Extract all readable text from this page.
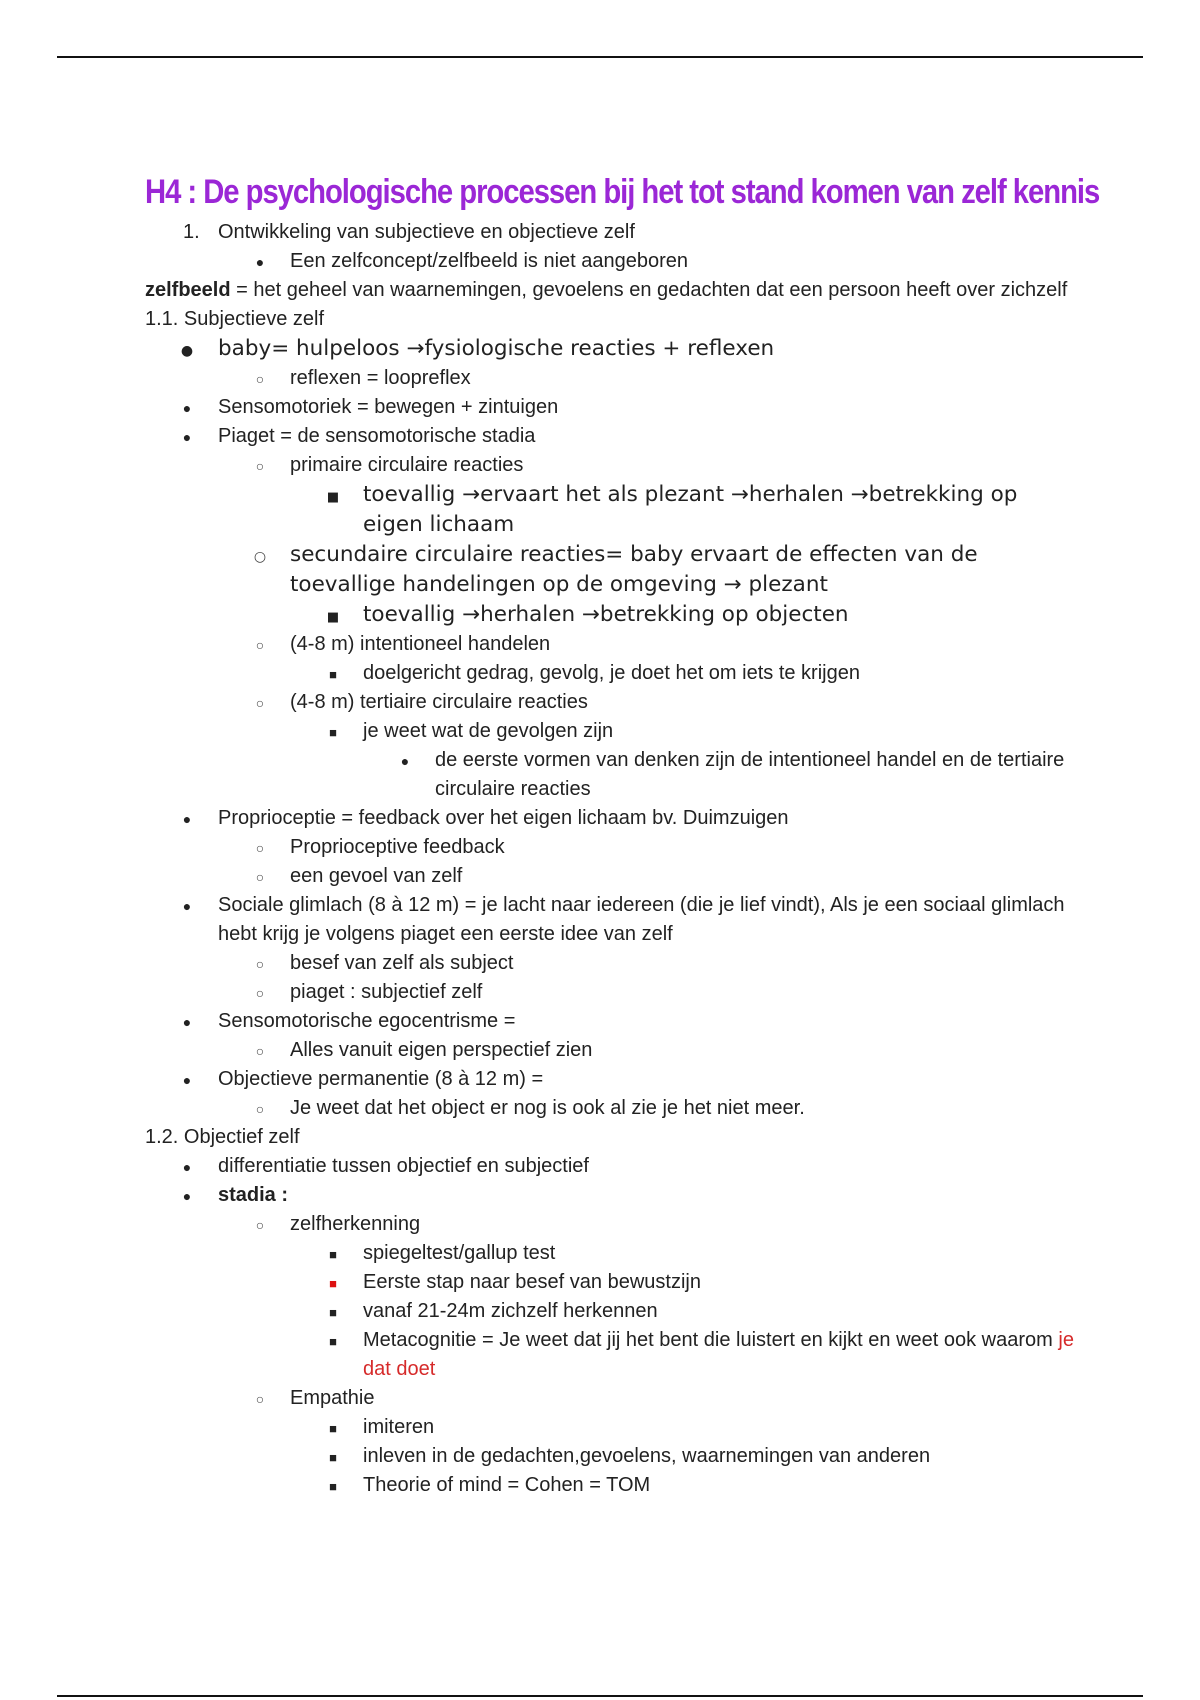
H4 : De psychologische processen bij het tot stand komen van zelf kennis
1. Ontwikkeling van subjectieve en objectieve zelf
●
Een zelfconcept/zelfbeeld is niet aangeboren
zelfbeeld = het geheel van waarnemingen, gevoelens en gedachten dat een persoon heeft over zichzelf
1.1. Subjectieve zelf
●
baby= hulpeloos →fysiologische reacties + reflexen
○
reflexen = loopreflex
●
Sensomotoriek = bewegen + zintuigen
●
Piaget = de sensomotorische stadia
○
primaire circulaire reacties
■
toevallig →ervaart het als plezant →herhalen →betrekking op eigen lichaam
○
secundaire circulaire reacties= baby ervaart de effecten van de toevallige handelingen op de omgeving → plezant
■
toevallig →herhalen →betrekking op objecten
○
(4-8 m) intentioneel handelen
■
doelgericht gedrag, gevolg, je doet het om iets te krijgen
○
(4-8 m) tertiaire circulaire reacties
■
je weet wat de gevolgen zijn
●
de eerste vormen van denken zijn de intentioneel handel en de tertiaire circulaire reacties
●
Proprioceptie = feedback over het eigen lichaam bv. Duimzuigen
○
Proprioceptive feedback
○
een gevoel van zelf
●
Sociale glimlach (8 à 12 m) = je lacht naar iedereen (die je lief vindt), Als je een sociaal glimlach hebt krijg je volgens piaget een eerste idee van zelf
○
besef van zelf als subject
○
piaget : subjectief zelf
●
Sensomotorische egocentrisme =
○
Alles vanuit eigen perspectief zien
●
Objectieve permanentie (8 à 12 m) =
○
Je weet dat het object er nog is ook al zie je het niet meer.
1.2. Objectief zelf
●
differentiatie tussen objectief en subjectief
●
stadia :
○
zelfherkenning
■
spiegeltest/gallup test
■
Eerste stap naar besef van bewustzijn
■
vanaf 21-24m zichzelf herkennen
■
Metacognitie = Je weet dat jij het bent die luistert en kijkt en weet ook waarom je dat doet
○
Empathie
■
imiteren
■
inleven in de gedachten,gevoelens, waarnemingen van anderen
■
Theorie of mind = Cohen = TOM
